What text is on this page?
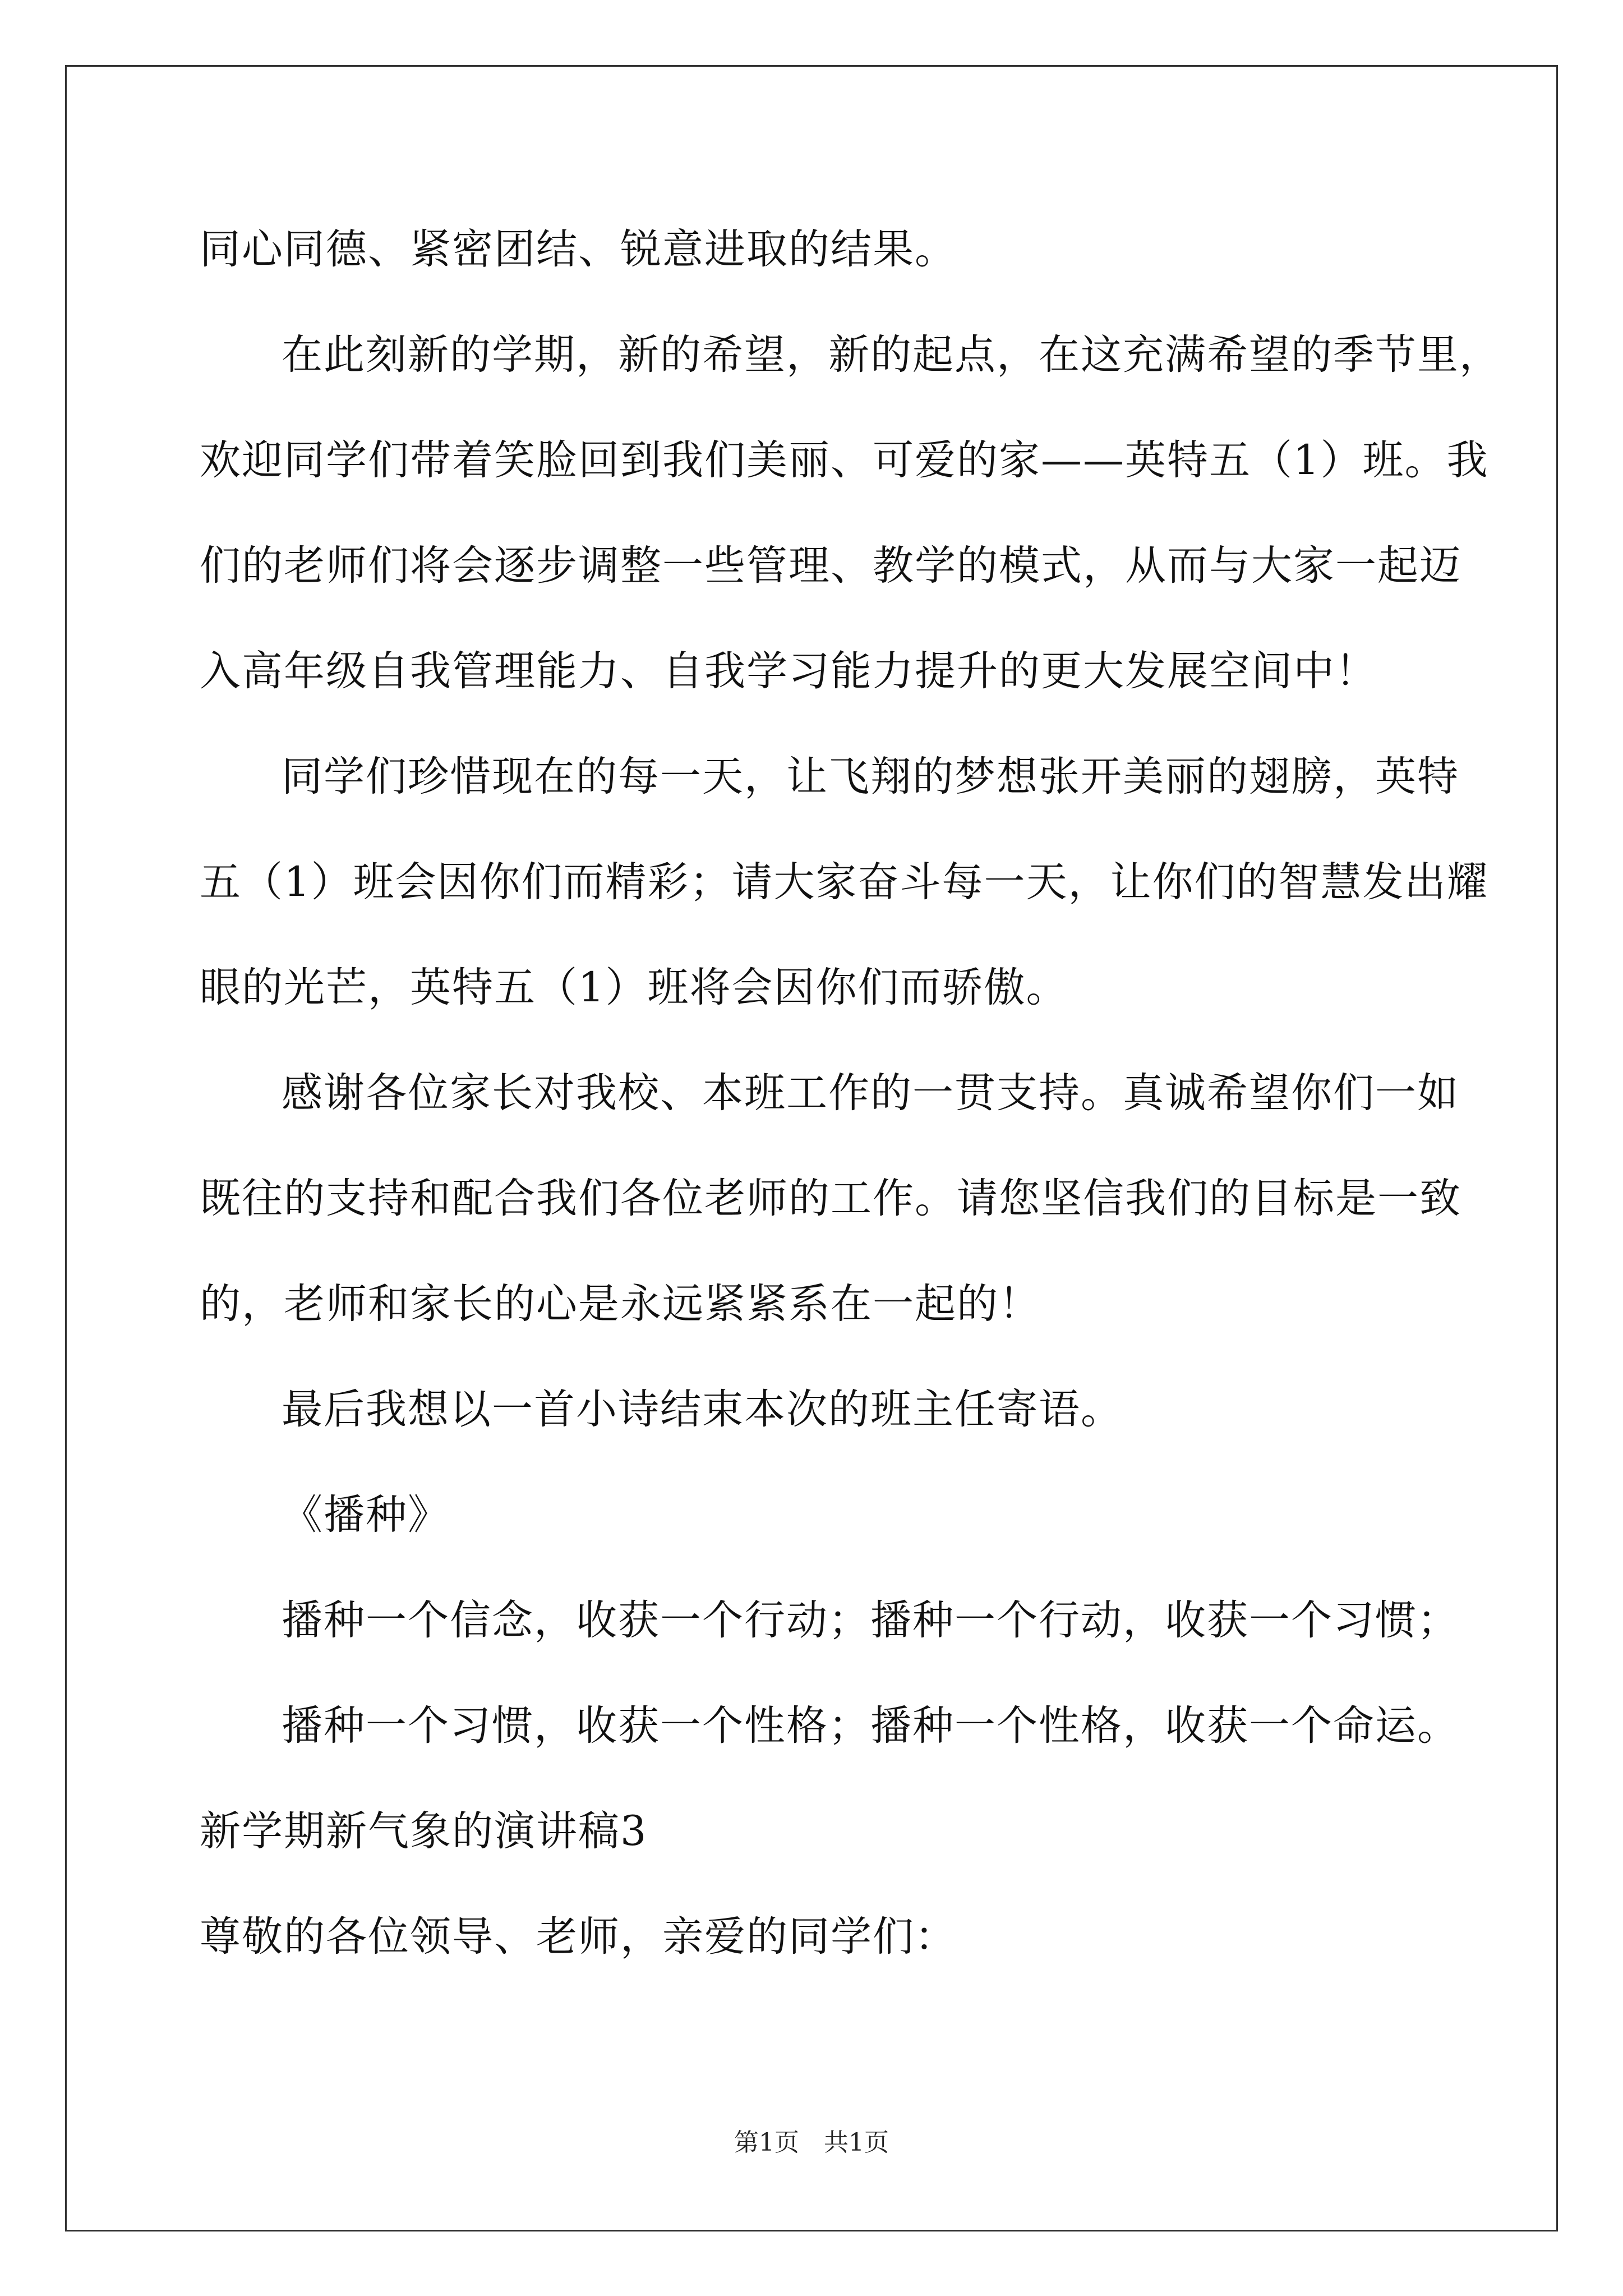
同心同德、紧密团结、锐意进取的结果。
在此刻新的学期，新的希望，新的起点，在这充满希望的季节里，
欢迎同学们带着笑脸回到我们美丽、可爱的家——英特五（1）班。我
们的老师们将会逐步调整一些管理、教学的模式，从而与大家一起迈
入高年级自我管理能力、自我学习能力提升的更大发展空间中！
同学们珍惜现在的每一天，让飞翔的梦想张开美丽的翅膀，英特
五（1）班会因你们而精彩；请大家奋斗每一天，让你们的智慧发出耀
眼的光芒，英特五（1）班将会因你们而骄傲。
感谢各位家长对我校、本班工作的一贯支持。真诚希望你们一如
既往的支持和配合我们各位老师的工作。请您坚信我们的目标是一致
的，老师和家长的心是永远紧紧系在一起的！
最后我想以一首小诗结束本次的班主任寄语。
《播种》
播种一个信念，收获一个行动；播种一个行动，收获一个习惯；
播种一个习惯，收获一个性格；播种一个性格，收获一个命运。
新学期新气象的演讲稿3
尊敬的各位领导、老师，亲爱的同学们：
第1页　共1页
